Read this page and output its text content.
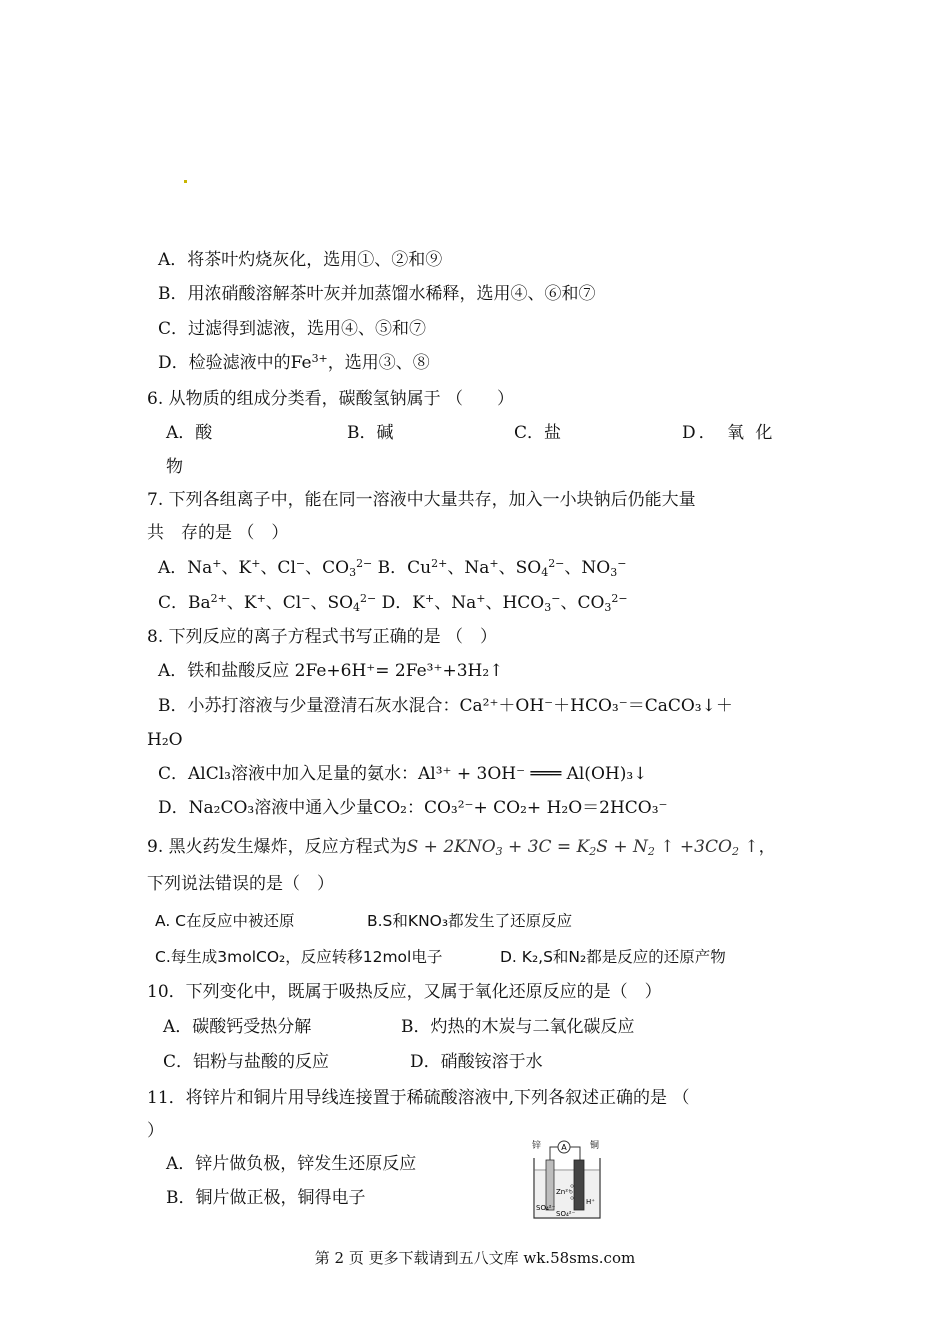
A．将茶叶灼烧灰化，选用①、②和⑨
B．用浓硝酸溶解茶叶灰并加蒸馏水稀释，选用④、⑥和⑦
C．过滤得到滤液，选用④、⑤和⑦
D．检验滤液中的$Fe^{3+}$，选用③、⑧
6. 从物质的组成分类看，碳酸氢钠属于 （　　）
A．酸	B．碱	C．盐	D． 氧 化
物
7. 下列各组离子中，能在同一溶液中大量共存，加入一小块钠后仍能大量
共　存的是 （　）
A．Na+、K+、Cl−、$CO_3^{2-}$ B．$Cu^{2+}$、Na+、$SO_4^{2-}$、$NO_3^-$
C．$Ba^{2+}$、K+、Cl−、$SO_4^{2-}$ D．K+、Na+、$HCO_3^-$、$CO_3^{2-}$
8. 下列反应的离子方程式书写正确的是 （　）
A．铁和盐酸反应 2Fe+6H⁺= 2Fe³⁺+3H₂↑
B．小苏打溶液与少量澄清石灰水混合：Ca²⁺＋OH⁻＋HCO₃⁻＝CaCO₃↓＋
H₂O
C．AlCl₃溶液中加入足量的氨水：Al³⁺ + 3OH⁻ ═══ Al(OH)₃↓
D．Na₂CO₃溶液中通入少量CO₂：CO₃²⁻+ CO₂+ H₂O＝2HCO₃⁻
9. 黑火药发生爆炸，反应方程式为$S + 2KNO_3 + 3C = K_2S + N_2$ ↑ $+3CO_2$ ↑，
下列说法错误的是（　）
A. C在反应中被还原	B.S和KNO₃都发生了还原反应
C.每生成3molCO₂，反应转移12mol电子	D. K₂,S和N₂都是反应的还原产物
10．下列变化中，既属于吸热反应，又属于氧化还原反应的是（　）
A．碳酸钙受热分解	B．灼热的木炭与二氧化碳反应
C．铝粉与盐酸的反应	D．硝酸铵溶于水
11．将锌片和铜片用导线连接置于稀硫酸溶液中,下列各叙述正确的是 （
）
A．锌片做负极，锌发生还原反应
B．铜片做正极，铜得电子
A
锌	铜
Zn²⁺
SO₄²⁻
SO₄²⁻
H⁺
第 2 页 更多下载请到五八文库 wk.58sms.com
